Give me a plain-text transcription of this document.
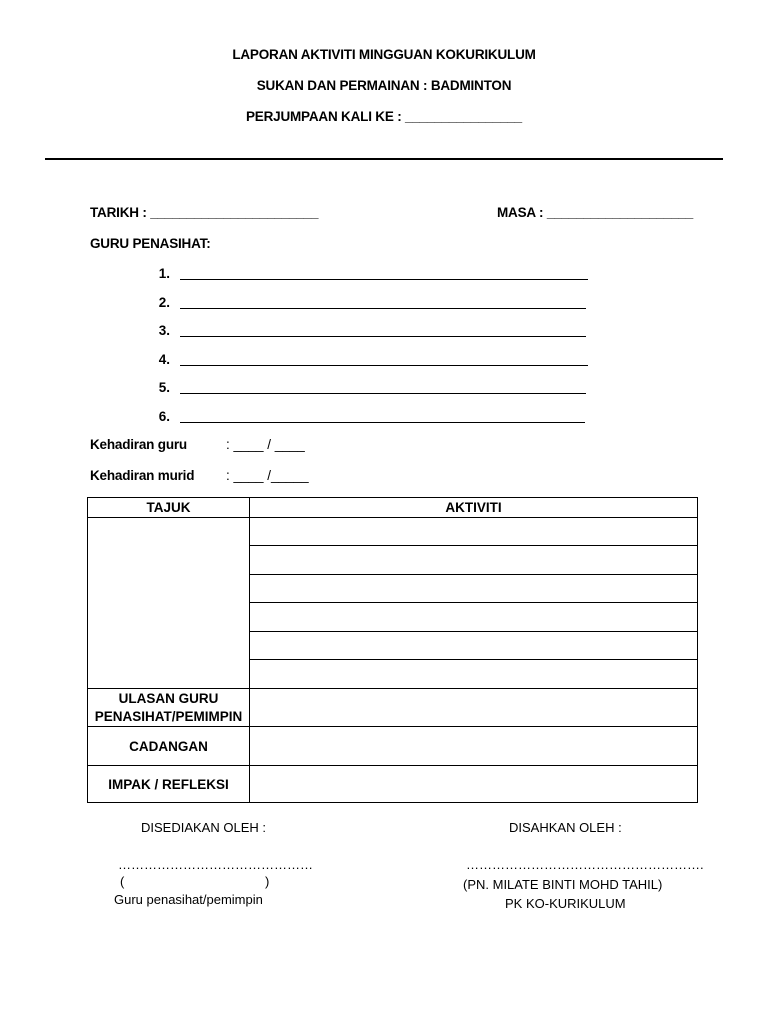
LAPORAN AKTIVITI MINGGUAN KOKURIKULUM
SUKAN DAN PERMAINAN : BADMINTON
PERJUMPAAN KALI KE : ________________
TARIKH : _______________________	MASA : ____________________
GURU PENASIHAT:
1.
2.
3.
4.
5.
6.
Kehadiran guru	: ____ / ____
Kehadiran murid : ____ /_____
TAJUK	AKTIVITI

ULASAN GURU
PENASIHAT/PEMIMPIN	

CADANGAN	
IMPAK / REFLEKSI	
DISEDIAKAN OLEH :
………………………………………
(	)
Guru penasihat/pemimpin
DISAHKAN OLEH :
……………………………………………….
(PN. MILATE BINTI MOHD TAHIL)
PK KO-KURIKULUM
